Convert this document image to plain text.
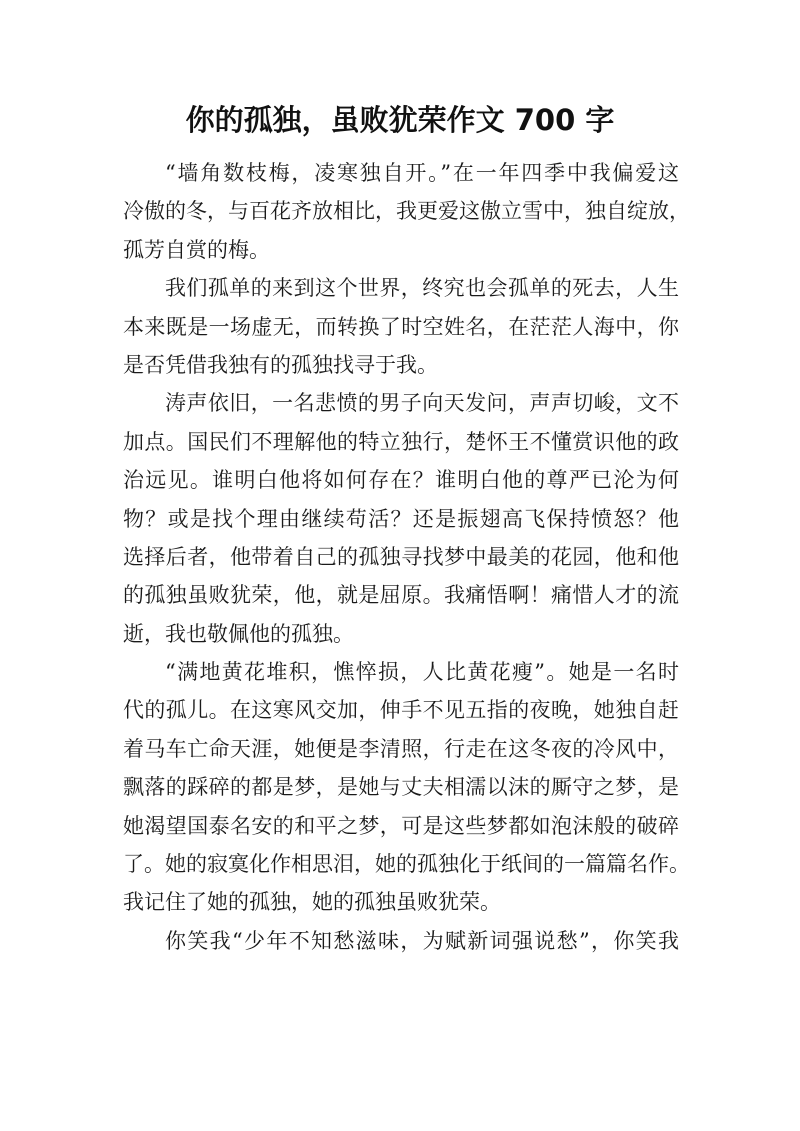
你的孤独，虽败犹荣作文 700 字
“墙角数枝梅，凌寒独自开。”在一年四季中我偏爱这
冷傲的冬，与百花齐放相比，我更爱这傲立雪中，独自绽放，
孤芳自赏的梅。
我们孤单的来到这个世界，终究也会孤单的死去，人生
本来既是一场虚无，而转换了时空姓名，在茫茫人海中，你
是否凭借我独有的孤独找寻于我。
涛声依旧，一名悲愤的男子向天发问，声声切峻，文不
加点。国民们不理解他的特立独行，楚怀王不懂赏识他的政
治远见。谁明白他将如何存在？谁明白他的尊严已沦为何
物？或是找个理由继续苟活？还是振翅高飞保持愤怒？他
选择后者，他带着自己的孤独寻找梦中最美的花园，他和他
的孤独虽败犹荣，他，就是屈原。我痛悟啊！痛惜人才的流
逝，我也敬佩他的孤独。
“满地黄花堆积，憔悴损，人比黄花瘦”。她是一名时
代的孤儿。在这寒风交加，伸手不见五指的夜晚，她独自赶
着马车亡命天涯，她便是李清照，行走在这冬夜的冷风中，
飘落的踩碎的都是梦，是她与丈夫相濡以沫的厮守之梦，是
她渴望国泰名安的和平之梦，可是这些梦都如泡沫般的破碎
了。她的寂寞化作相思泪，她的孤独化于纸间的一篇篇名作。
我记住了她的孤独，她的孤独虽败犹荣。
你笑我“少年不知愁滋味，为赋新词强说愁”，你笑我
